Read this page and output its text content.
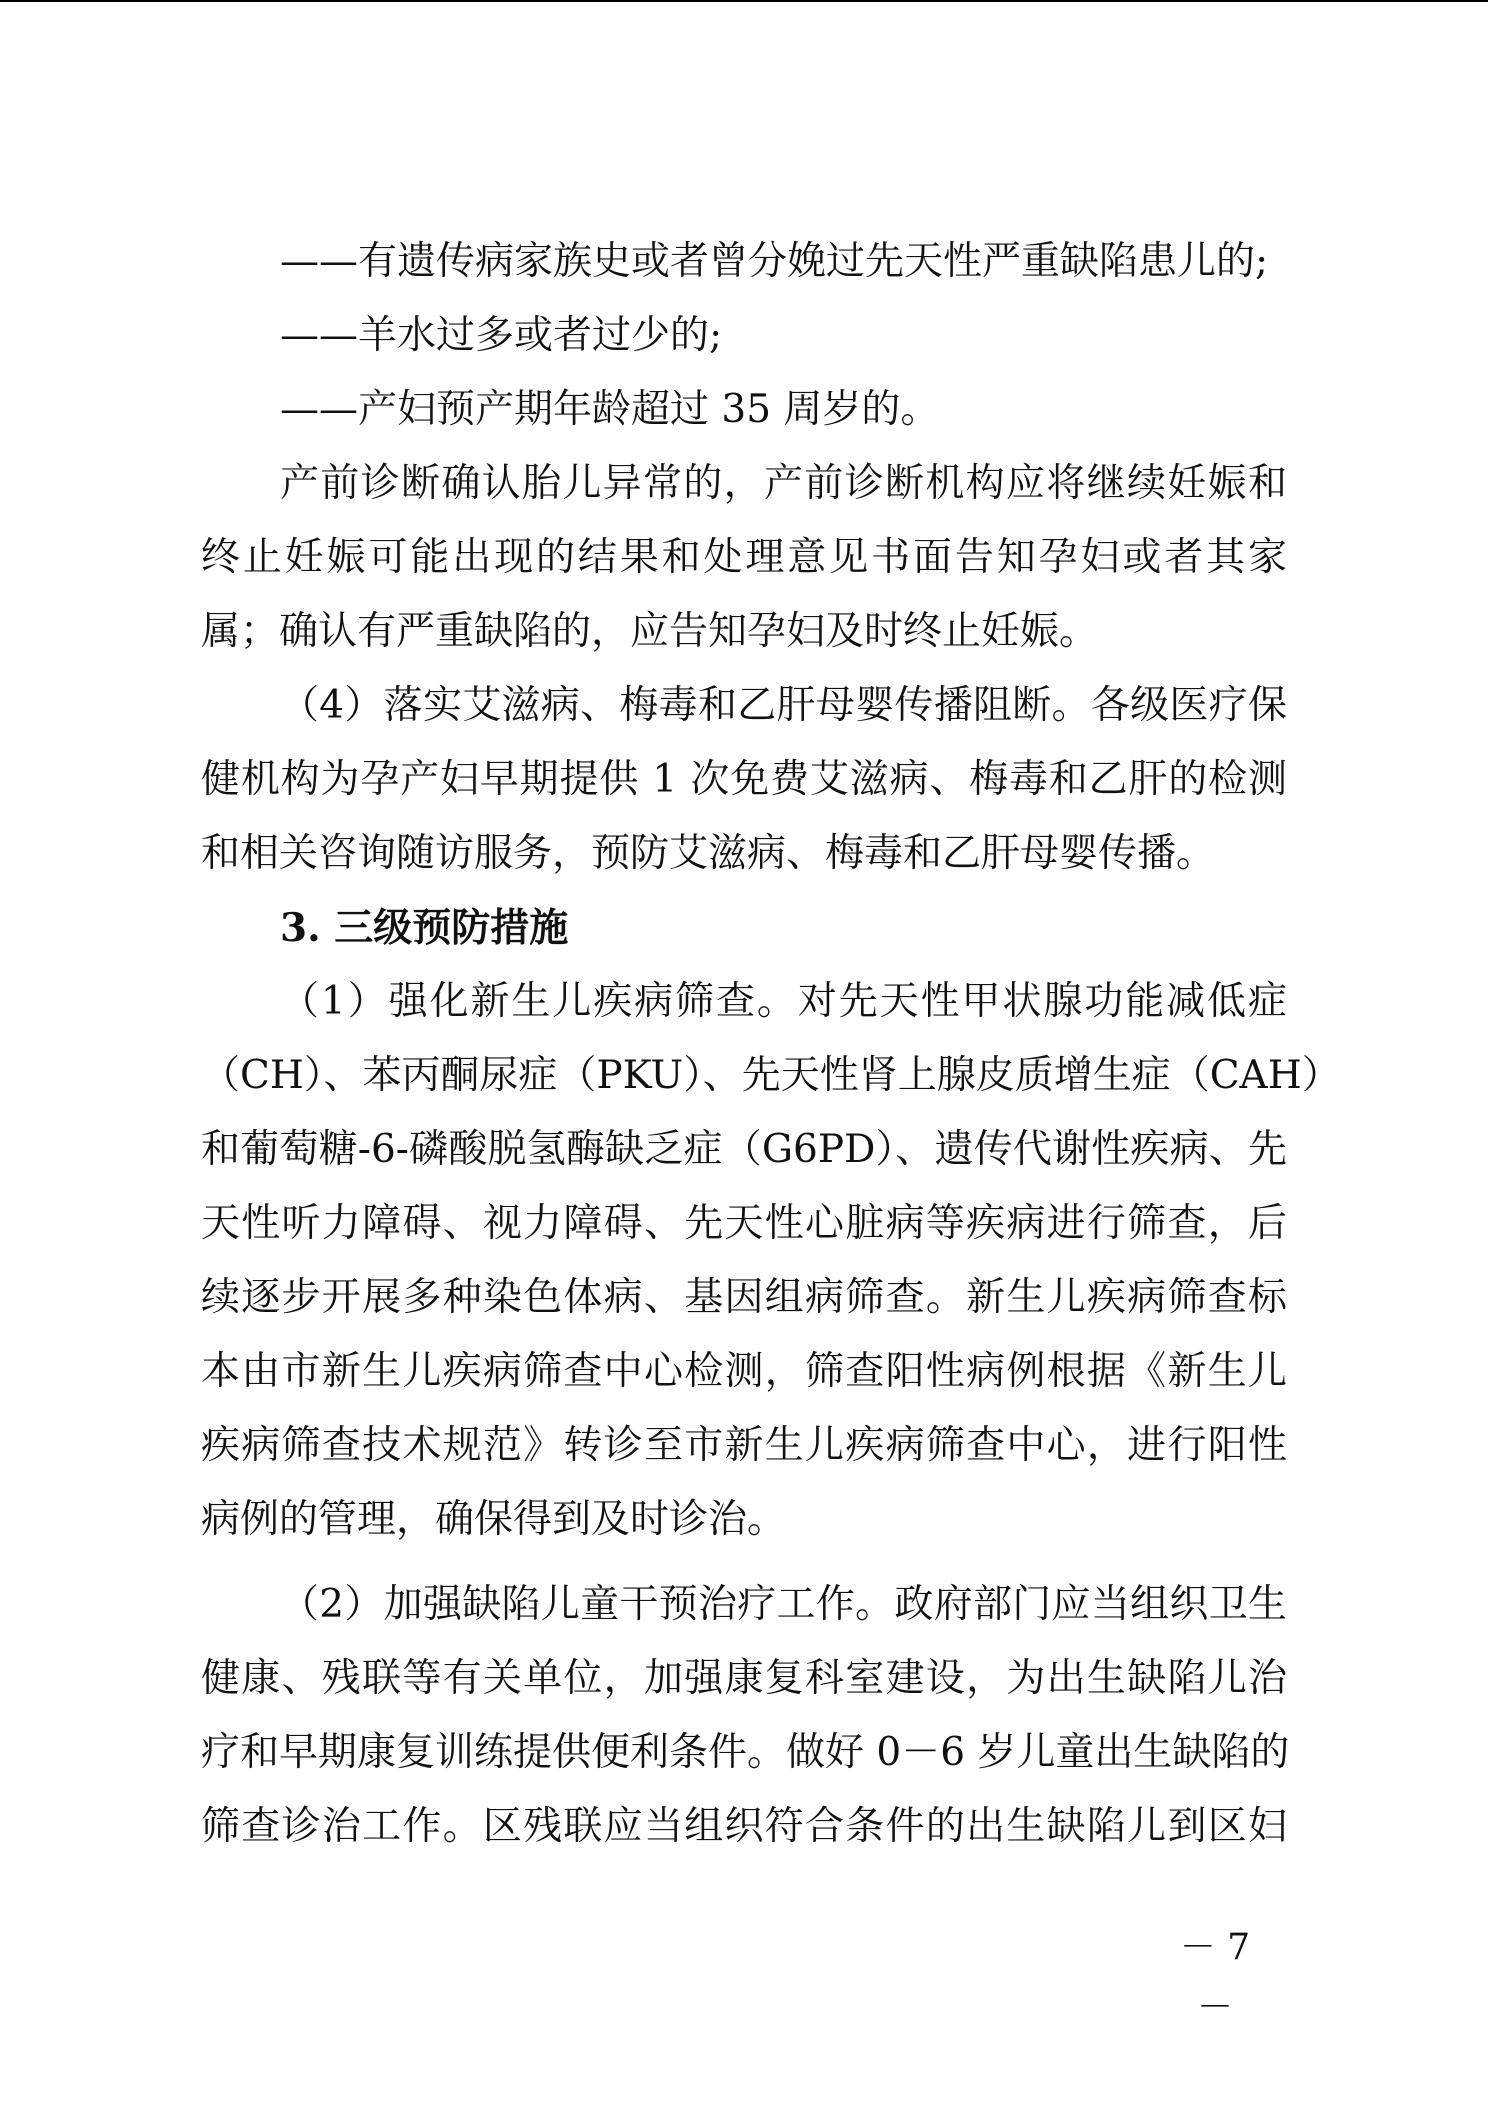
——有遗传病家族史或者曾分娩过先天性严重缺陷患儿的;
——羊水过多或者过少的;
——产妇预产期年龄超过 35 周岁的。
产前诊断确认胎儿异常的，产前诊断机构应将继续妊娠和
终止妊娠可能出现的结果和处理意见书面告知孕妇或者其家
属；确认有严重缺陷的，应告知孕妇及时终止妊娠。
（4）落实艾滋病、梅毒和乙肝母婴传播阻断。各级医疗保
健机构为孕产妇早期提供 1 次免费艾滋病、梅毒和乙肝的检测
和相关咨询随访服务，预防艾滋病、梅毒和乙肝母婴传播。
3. 三级预防措施
（1）强化新生儿疾病筛查。对先天性甲状腺功能减低症
（CH）、苯丙酮尿症（PKU）、先天性肾上腺皮质增生症（CAH）
和葡萄糖-6-磷酸脱氢酶缺乏症（G6PD）、遗传代谢性疾病、先
天性听力障碍、视力障碍、先天性心脏病等疾病进行筛查，后
续逐步开展多种染色体病、基因组病筛查。新生儿疾病筛查标
本由市新生儿疾病筛查中心检测，筛查阳性病例根据《新生儿
疾病筛查技术规范》转诊至市新生儿疾病筛查中心，进行阳性
病例的管理，确保得到及时诊治。
（2）加强缺陷儿童干预治疗工作。政府部门应当组织卫生
健康、残联等有关单位，加强康复科室建设，为出生缺陷儿治
疗和早期康复训练提供便利条件。做好 0－6 岁儿童出生缺陷的
筛查诊治工作。区残联应当组织符合条件的出生缺陷儿到区妇
－ 7 －
